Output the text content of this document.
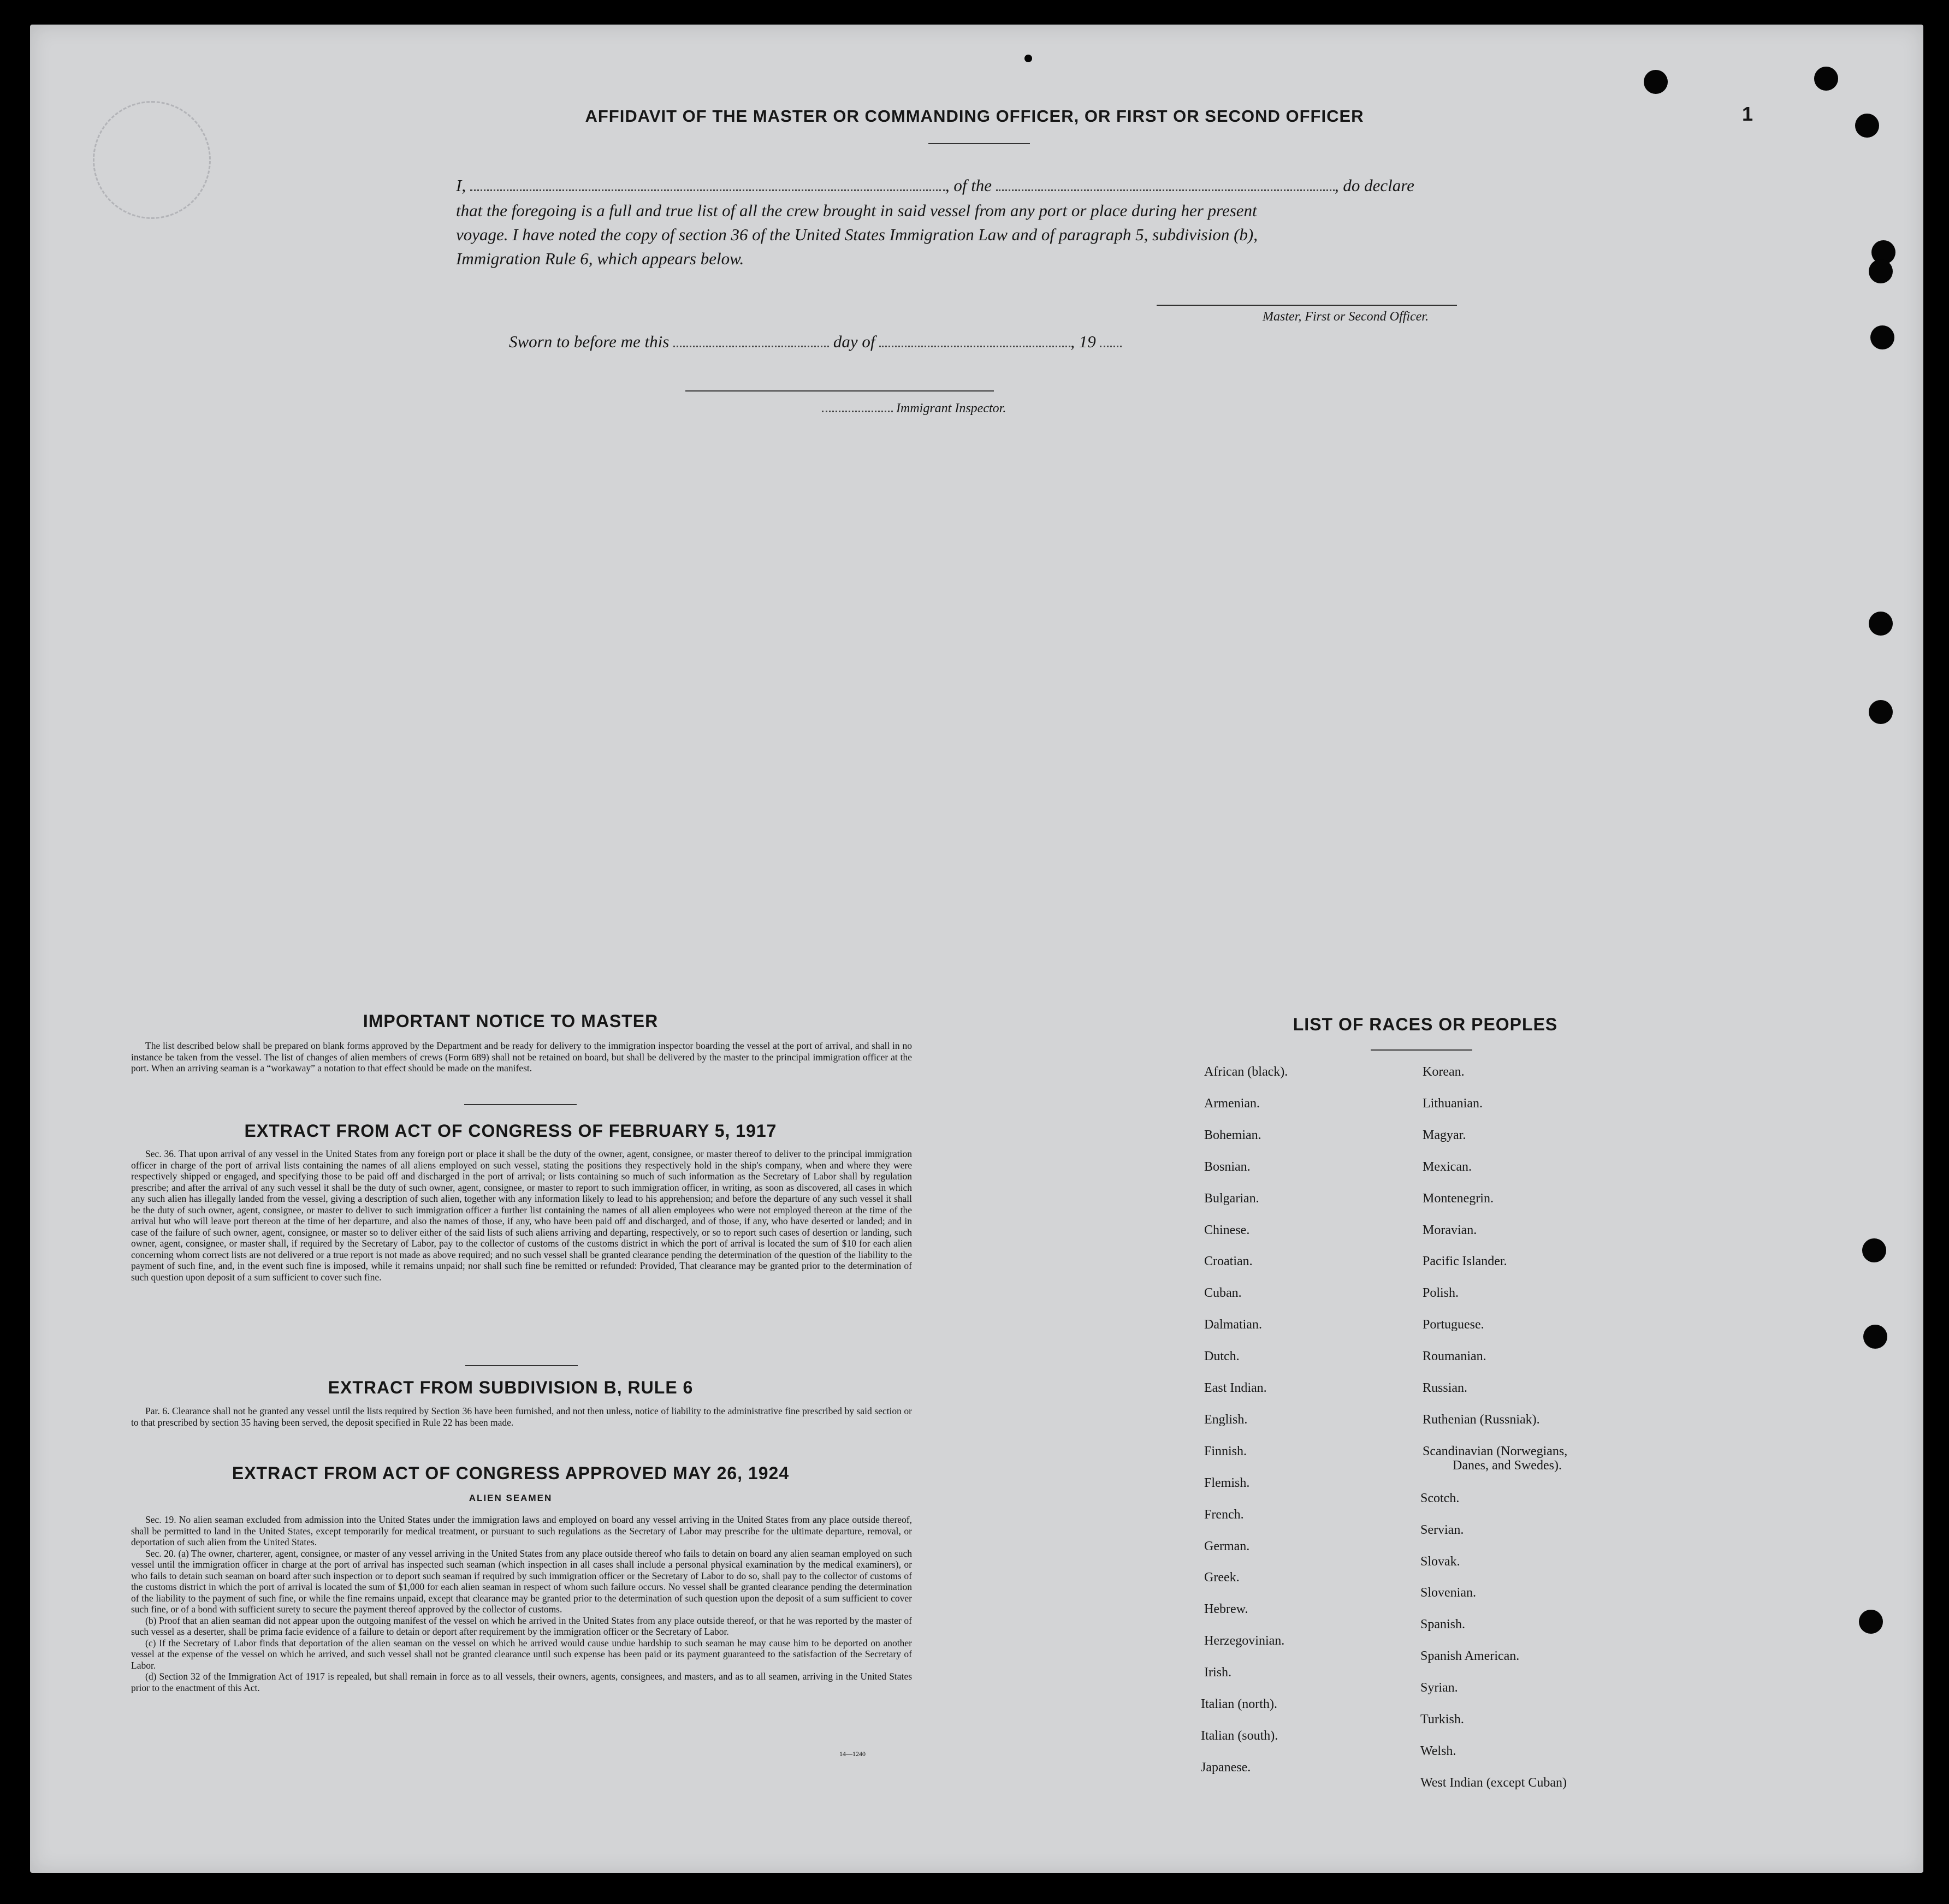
1
AFFIDAVIT OF THE MASTER OR COMMANDING OFFICER, OR FIRST OR SECOND OFFICER
I,	, of the	, do declare
that the foregoing is a full and true list of all the crew brought in said vessel from any port or place during her present
voyage. I have noted the copy of section 36 of the United States Immigration Law and of paragraph 5, subdivision (b),
Immigration Rule 6, which appears below.
Master, First or Second Officer.
Sworn to before me this	day of	, 19
Immigrant Inspector.
IMPORTANT NOTICE TO MASTER

The list described below shall be prepared on blank forms approved by the Department and be ready for delivery to the immigration inspector boarding the vessel at the port of arrival, and shall in no instance be taken from the vessel. The list of changes of alien members of crews (Form 689) shall not be retained on board, but shall be delivered by the master to the principal immigration officer at the port. When an arriving seaman is a “workaway” a notation to that effect should be made on the manifest.

EXTRACT FROM ACT OF CONGRESS OF FEBRUARY 5, 1917

Sec. 36. That upon arrival of any vessel in the United States from any foreign port or place it shall be the duty of the owner, agent, consignee, or master thereof to deliver to the principal immigration officer in charge of the port of arrival lists containing the names of all aliens employed on such vessel, stating the positions they respectively hold in the ship's company, when and where they were respectively shipped or engaged, and specifying those to be paid off and discharged in the port of arrival; or lists containing so much of such information as the Secretary of Labor shall by regulation prescribe; and after the arrival of any such vessel it shall be the duty of such owner, agent, consignee, or master to report to such immigration officer, in writing, as soon as discovered, all cases in which any such alien has illegally landed from the vessel, giving a description of such alien, together with any information likely to lead to his apprehension; and before the departure of any such vessel it shall be the duty of such owner, agent, consignee, or master to deliver to such immigration officer a further list containing the names of all alien employees who were not employed thereon at the time of the arrival but who will leave port thereon at the time of her departure, and also the names of those, if any, who have been paid off and discharged, and of those, if any, who have deserted or landed; and in case of the failure of such owner, agent, consignee, or master so to deliver either of the said lists of such aliens arriving and departing, respectively, or so to report such cases of desertion or landing, such owner, agent, consignee, or master shall, if required by the Secretary of Labor, pay to the collector of customs of the customs district in which the port of arrival is located the sum of $10 for each alien concerning whom correct lists are not delivered or a true report is not made as above required; and no such vessel shall be granted clearance pending the determination of the question of the liability to the payment of such fine, and, in the event such fine is imposed, while it remains unpaid; nor shall such fine be remitted or refunded: Provided, That clearance may be granted prior to the determination of such question upon deposit of a sum sufficient to cover such fine.

EXTRACT FROM SUBDIVISION B, RULE 6

Par. 6. Clearance shall not be granted any vessel until the lists required by Section 36 have been furnished, and not then unless, notice of liability to the administrative fine prescribed by said section or to that prescribed by section 35 having been served, the deposit specified in Rule 22 has been made.

EXTRACT FROM ACT OF CONGRESS APPROVED MAY 26, 1924
ALIEN SEAMEN

Sec. 19. No alien seaman excluded from admission into the United States under the immigration laws and employed on board any vessel arriving in the United States from any place outside thereof, shall be permitted to land in the United States, except temporarily for medical treatment, or pursuant to such regulations as the Secretary of Labor may prescribe for the ultimate departure, removal, or deportation of such alien from the United States.

Sec. 20. (a) The owner, charterer, agent, consignee, or master of any vessel arriving in the United States from any place outside thereof who fails to detain on board any alien seaman employed on such vessel until the immigration officer in charge at the port of arrival has inspected such seaman (which inspection in all cases shall include a personal physical examination by the medical examiners), or who fails to detain such seaman on board after such inspection or to deport such seaman if required by such immigration officer or the Secretary of Labor to do so, shall pay to the collector of customs of the customs district in which the port of arrival is located the sum of $1,000 for each alien seaman in respect of whom such failure occurs. No vessel shall be granted clearance pending the determination of the liability to the payment of such fine, or while the fine remains unpaid, except that clearance may be granted prior to the determination of such question upon the deposit of a sum sufficient to cover such fine, or of a bond with sufficient surety to secure the payment thereof approved by the collector of customs.

(b) Proof that an alien seaman did not appear upon the outgoing manifest of the vessel on which he arrived in the United States from any place outside thereof, or that he was reported by the master of such vessel as a deserter, shall be prima facie evidence of a failure to detain or deport after requirement by the immigration officer or the Secretary of Labor.

(c) If the Secretary of Labor finds that deportation of the alien seaman on the vessel on which he arrived would cause undue hardship to such seaman he may cause him to be deported on another vessel at the expense of the vessel on which he arrived, and such vessel shall not be granted clearance until such expense has been paid or its payment guaranteed to the satisfaction of the Secretary of Labor.

(d) Section 32 of the Immigration Act of 1917 is repealed, but shall remain in force as to all vessels, their owners, agents, consignees, and masters, and as to all seamen, arriving in the United States prior to the enactment of this Act.

14—1240
LIST OF RACES OR PEOPLES
African (black).
Armenian.
Bohemian.
Bosnian.
Bulgarian.
Chinese.
Croatian.
Cuban.
Dalmatian.
Dutch.
East Indian.
English.
Finnish.
Flemish.
French.
German.
Greek.
Hebrew.
Herzegovinian.
Irish.
Italian (north).
Italian (south).
Japanese.
Korean.
Lithuanian.
Magyar.
Mexican.
Montenegrin.
Moravian.
Pacific Islander.
Polish.
Portuguese.
Roumanian.
Russian.
Ruthenian (Russniak).
Scandinavian (Norwegians,
Danes, and Swedes).
Scotch.
Servian.
Slovak.
Slovenian.
Spanish.
Spanish American.
Syrian.
Turkish.
Welsh.
West Indian (except Cuban)
